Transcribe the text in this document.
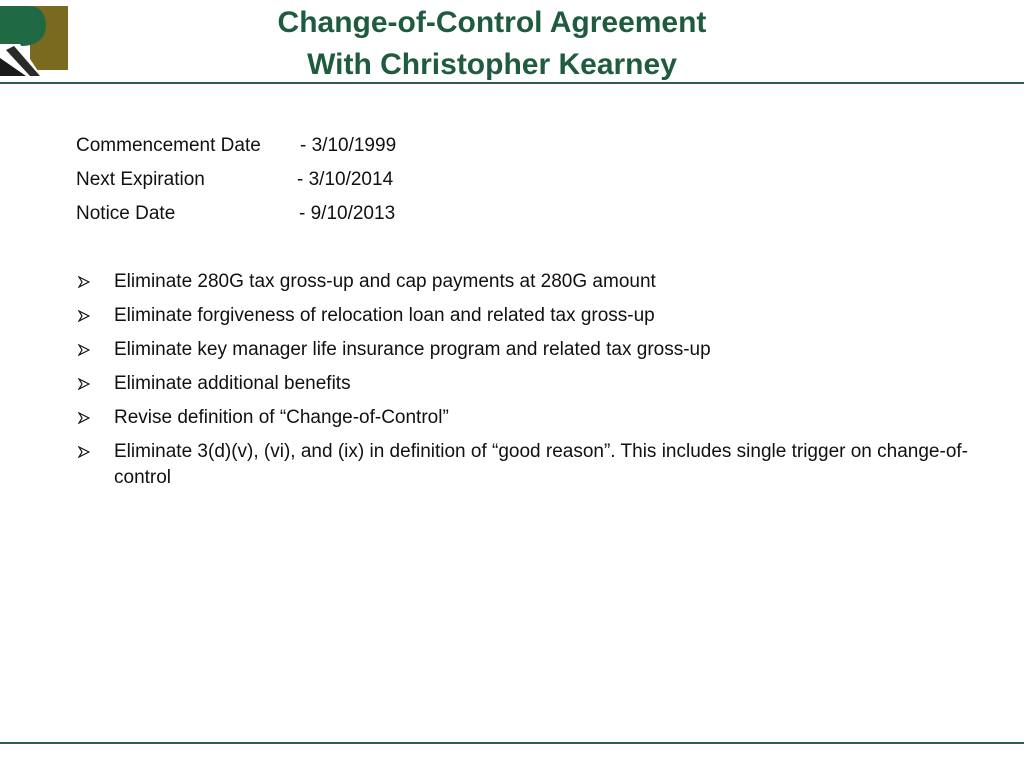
Change-of-Control Agreement
With Christopher Kearney
Commencement Date - 3/10/1999
Next Expiration	- 3/10/2014
Notice Date	- 9/10/2013
Eliminate 280G tax gross-up and cap payments at 280G amount
Eliminate forgiveness of relocation loan and related tax gross-up
Eliminate key manager life insurance program and related tax gross-up
Eliminate additional benefits
Revise definition of “Change-of-Control”
Eliminate 3(d)(v), (vi), and (ix) in definition of “good reason”. This includes single trigger on change-of-control
